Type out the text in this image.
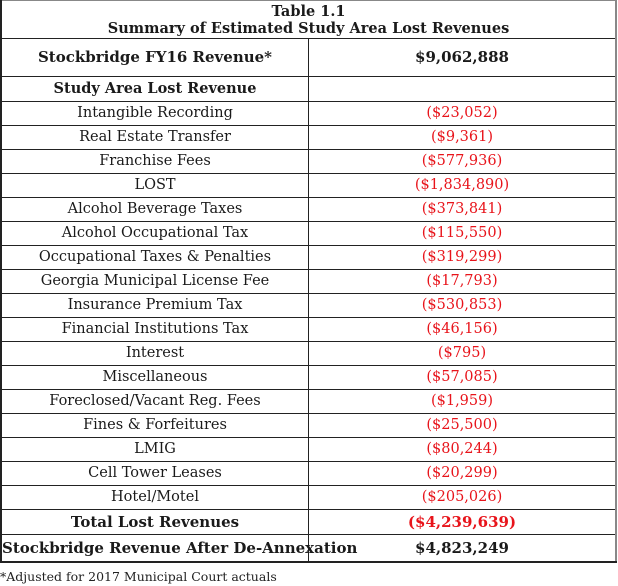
Table 1.1
Summary of Estimated Study Area Lost Revenues	

Stockbridge FY16 Revenue*	$9,062,888
Study Area Lost Revenue	
Intangible Recording	($23,052)
Real Estate Transfer	($9,361)
Franchise Fees	($577,936)
LOST	($1,834,890)
Alcohol Beverage Taxes	($373,841)
Alcohol Occupational Tax	($115,550)
Occupational Taxes & Penalties	($319,299)
Georgia Municipal License Fee	($17,793)
Insurance Premium Tax	($530,853)
Financial Institutions Tax	($46,156)
Interest	($795)
Miscellaneous	($57,085)
Foreclosed/Vacant Reg. Fees	($1,959)
Fines & Forfeitures	($25,500)
LMIG	($80,244)
Cell Tower Leases	($20,299)
Hotel/Motel	($205,026)
Total Lost Revenues	($4,239,639)
Stockbridge Revenue After De-Annexation	$4,823,249
*Adjusted for 2017 Municipal Court actuals
